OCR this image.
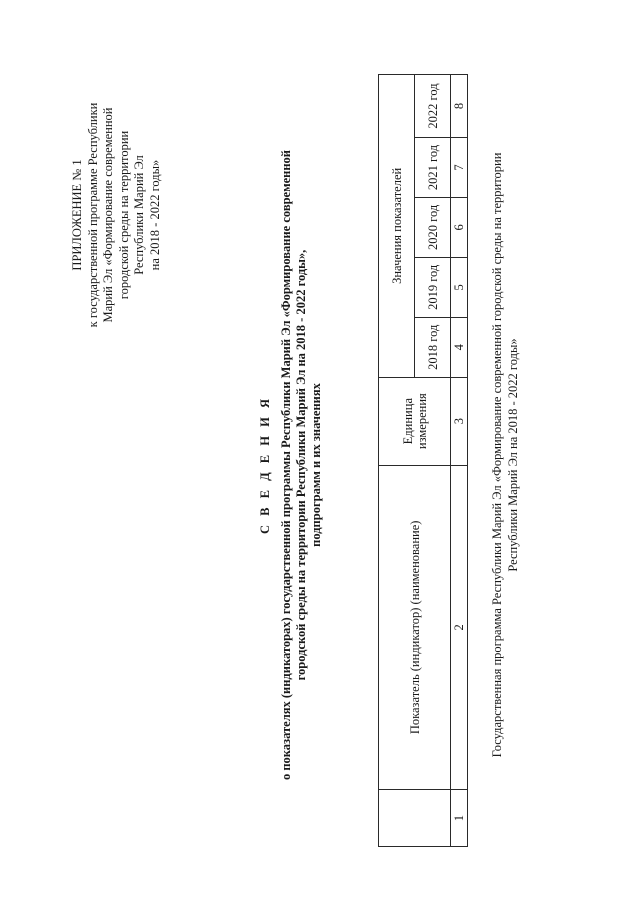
ПРИЛОЖЕНИЕ № 1 к государственной программе Республики Марий Эл «Формирование современной городской среды на территории Республики Марий Эл на 2018 - 2022 годы»
С В Е Д Е Н И Я о показателях (индикаторах) государственной программы Республики Марий Эл «Формирование современной городской среды на территории Республики Марий Эл на 2018 - 2022 годы», подпрограмм и их значениях
	Показатель (индикатор) (наименование)	Единица измерения	Значения показателей				
			2018 год	2019 год	2020 год	2021 год	2022 год
1	2	3	4	5	6	7	8
Государственная программа Республики Марий Эл «Формирование современной городской среды на территории Республики Марий Эл на 2018 - 2022 годы»
